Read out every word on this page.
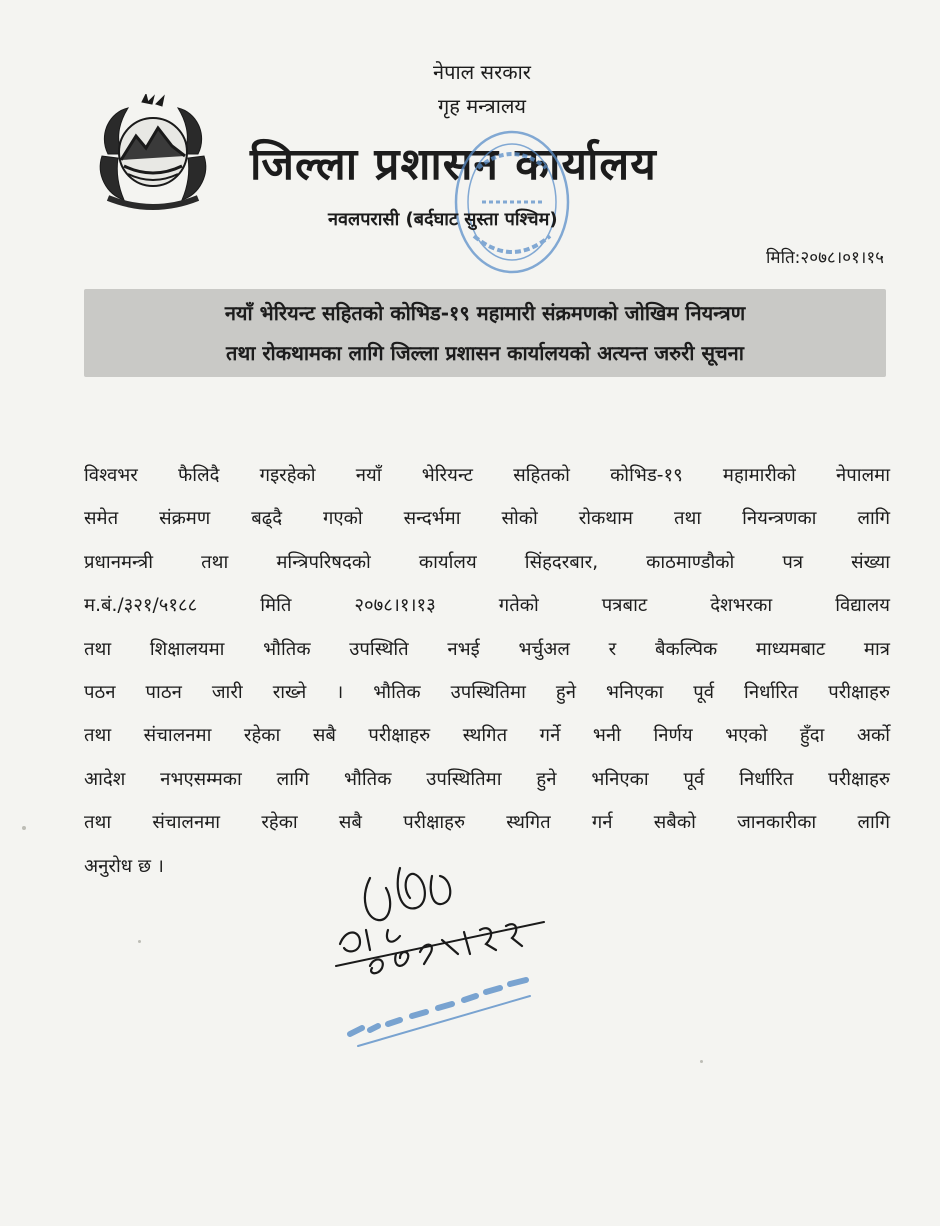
नेपाल सरकार
गृह मन्त्रालय
जिल्ला प्रशासन कार्यालय
नवलपरासी (बर्दघाट सुस्ता पश्चिम)
मिति:२०७८।०१।१५
नयाँ भेरियन्ट सहितको कोभिड-१९ महामारी संक्रमणको जोखिम नियन्त्रण
तथा रोकथामका लागि जिल्ला प्रशासन कार्यालयको अत्यन्त जरुरी सूचना
विश्वभर फैलिदै गइरहेको नयाँ भेरियन्ट सहितको कोभिड-१९ महामारीको नेपालमा
समेत संक्रमण बढ्दै गएको सन्दर्भमा सोको रोकथाम तथा नियन्त्रणका लागि
प्रधानमन्त्री तथा मन्त्रिपरिषदको कार्यालय सिंहदरबार, काठमाण्डौको पत्र संख्या
म.बं./३२१/५१८८ मिति २०७८।१।१३ गतेको पत्रबाट देशभरका विद्यालय
तथा शिक्षालयमा भौतिक उपस्थिति नभई भर्चुअल र बैकल्पिक माध्यमबाट मात्र
पठन पाठन जारी राख्ने । भौतिक उपस्थितिमा हुने भनिएका पूर्व निर्धारित परीक्षाहरु
तथा संचालनमा रहेका सबै परीक्षाहरु स्थगित गर्ने भनी निर्णय भएको हुँदा अर्को
आदेश नभएसम्मका लागि भौतिक उपस्थितिमा हुने भनिएका पूर्व निर्धारित परीक्षाहरु
तथा संचालनमा रहेका सबै परीक्षाहरु स्थगित गर्न सबैको जानकारीका लागि
अनुरोध छ ।
